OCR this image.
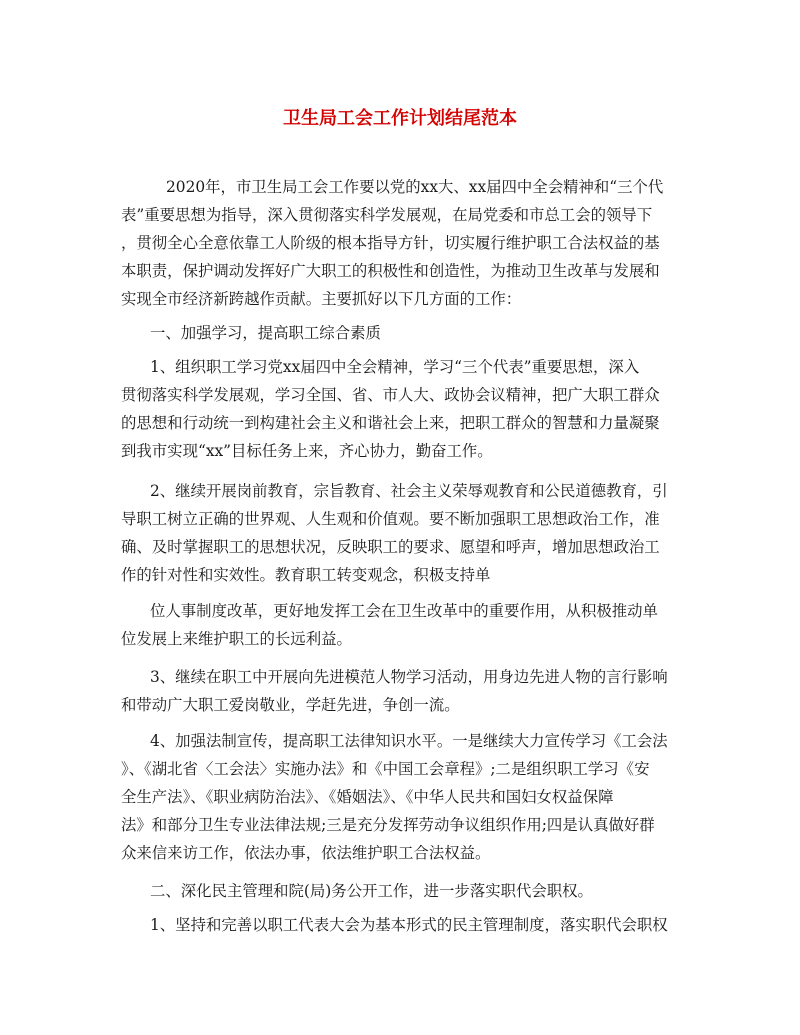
卫生局工会工作计划结尾范本
2020年，市卫生局工会工作要以党的xx大、xx届四中全会精神和“三个代
表”重要思想为指导，深入贯彻落实科学发展观，在局党委和市总工会的领导下
，贯彻全心全意依靠工人阶级的根本指导方针，切实履行维护职工合法权益的基
本职责，保护调动发挥好广大职工的积极性和创造性，为推动卫生改革与发展和
实现全市经济新跨越作贡献。主要抓好以下几方面的工作：
一、加强学习，提高职工综合素质
1、组织职工学习党xx届四中全会精神，学习“三个代表”重要思想，深入
贯彻落实科学发展观，学习全国、省、市人大、政协会议精神，把广大职工群众
的思想和行动统一到构建社会主义和谐社会上来，把职工群众的智慧和力量凝聚
到我市实现“xx”目标任务上来，齐心协力，勤奋工作。
2、继续开展岗前教育，宗旨教育、社会主义荣辱观教育和公民道德教育，引
导职工树立正确的世界观、人生观和价值观。要不断加强职工思想政治工作，准
确、及时掌握职工的思想状况，反映职工的要求、愿望和呼声，增加思想政治工
作的针对性和实效性。教育职工转变观念，积极支持单
位人事制度改革，更好地发挥工会在卫生改革中的重要作用，从积极推动单
位发展上来维护职工的长远利益。
3、继续在职工中开展向先进模范人物学习活动，用身边先进人物的言行影响
和带动广大职工爱岗敬业，学赶先进，争创一流。
4、加强法制宣传，提高职工法律知识水平。一是继续大力宣传学习《工会法
》、《湖北省〈工会法〉实施办法》和《中国工会章程》;二是组织职工学习《安
全生产法》、《职业病防治法》、《婚姻法》、《中华人民共和国妇女权益保障
法》和部分卫生专业法律法规;三是充分发挥劳动争议组织作用;四是认真做好群
众来信来访工作，依法办事，依法维护职工合法权益。
二、深化民主管理和院(局)务公开工作，进一步落实职代会职权。
1、坚持和完善以职工代表大会为基本形式的民主管理制度，落实职代会职权
